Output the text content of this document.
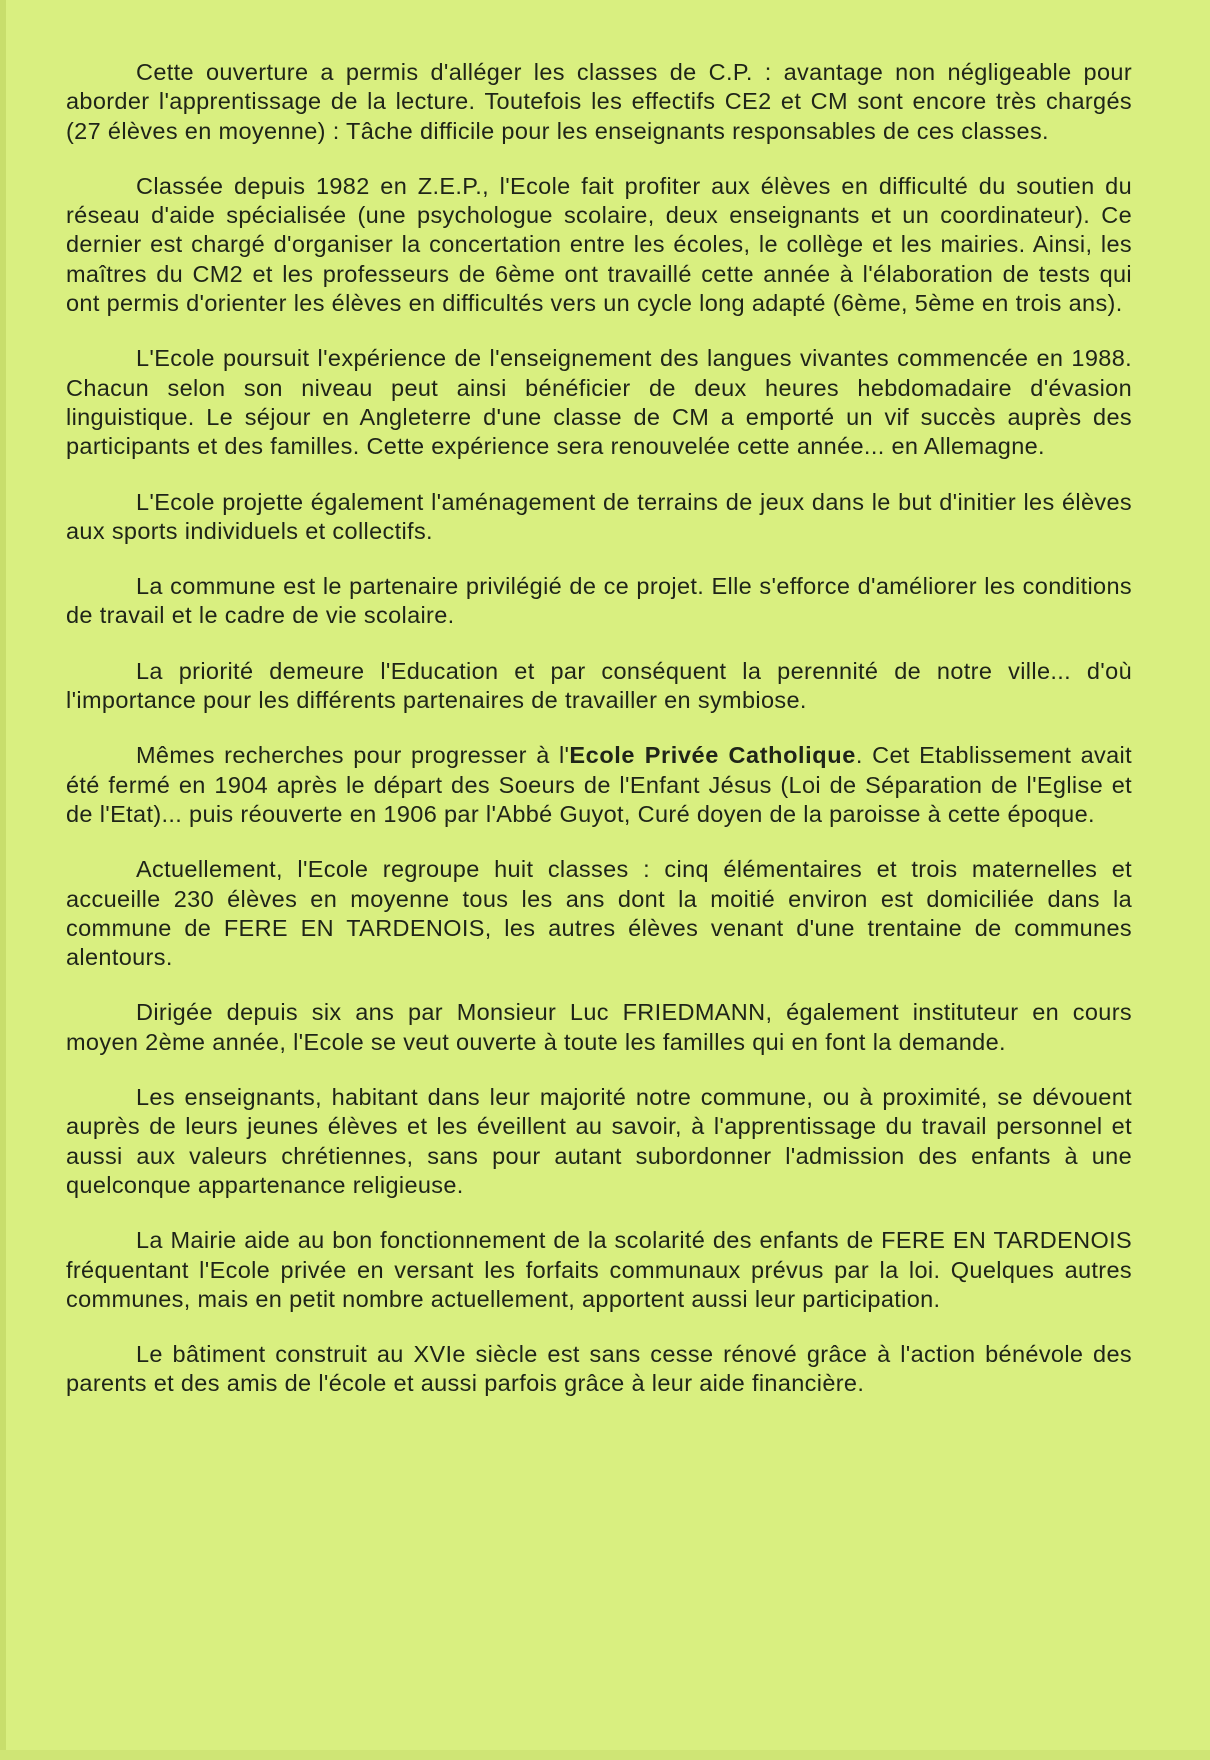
Cette ouverture a permis d'alléger les classes de C.P. : avantage non négligeable pour aborder l'apprentissage de la lecture. Toutefois les effectifs CE2 et CM sont encore très chargés (27 élèves en moyenne) : Tâche difficile pour les enseignants responsables de ces classes.

Classée depuis 1982 en Z.E.P., l'Ecole fait profiter aux élèves en difficulté du soutien du réseau d'aide spécialisée (une psychologue scolaire, deux enseignants et un coordinateur). Ce dernier est chargé d'organiser la concertation entre les écoles, le collège et les mairies. Ainsi, les maîtres du CM2 et les professeurs de 6ème ont travaillé cette année à l'élaboration de tests qui ont permis d'orienter les élèves en difficultés vers un cycle long adapté (6ème, 5ème en trois ans).

L'Ecole poursuit l'expérience de l'enseignement des langues vivantes commencée en 1988. Chacun selon son niveau peut ainsi bénéficier de deux heures hebdomadaire d'évasion linguistique. Le séjour en Angleterre d'une classe de CM a emporté un vif succès auprès des participants et des familles. Cette expérience sera renouvelée cette année... en Allemagne.

L'Ecole projette également l'aménagement de terrains de jeux dans le but d'initier les élèves aux sports individuels et collectifs.

La commune est le partenaire privilégié de ce projet. Elle s'efforce d'améliorer les conditions de travail et le cadre de vie scolaire.

La priorité demeure l'Education et par conséquent la perennité de notre ville... d'où l'importance pour les différents partenaires de travailler en symbiose.

Mêmes recherches pour progresser à l'Ecole Privée Catholique. Cet Etablissement avait été fermé en 1904 après le départ des Soeurs de l'Enfant Jésus (Loi de Séparation de l'Eglise et de l'Etat)... puis réouverte en 1906 par l'Abbé Guyot, Curé doyen de la paroisse à cette époque.

Actuellement, l'Ecole regroupe huit classes : cinq élémentaires et trois maternelles et accueille 230 élèves en moyenne tous les ans dont la moitié environ est domiciliée dans la commune de FERE EN TARDENOIS, les autres élèves venant d'une trentaine de communes alentours.

Dirigée depuis six ans par Monsieur Luc FRIEDMANN, également instituteur en cours moyen 2ème année, l'Ecole se veut ouverte à toute les familles qui en font la demande.

Les enseignants, habitant dans leur majorité notre commune, ou à proximité, se dévouent auprès de leurs jeunes élèves et les éveillent au savoir, à l'apprentissage du travail personnel et aussi aux valeurs chrétiennes, sans pour autant subordonner l'admission des enfants à une quelconque appartenance religieuse.

La Mairie aide au bon fonctionnement de la scolarité des enfants de FERE EN TARDENOIS fréquentant l'Ecole privée en versant les forfaits communaux prévus par la loi. Quelques autres communes, mais en petit nombre actuellement, apportent aussi leur participation.

Le bâtiment construit au XVIe siècle est sans cesse rénové grâce à l'action bénévole des parents et des amis de l'école et aussi parfois grâce à leur aide financière.
